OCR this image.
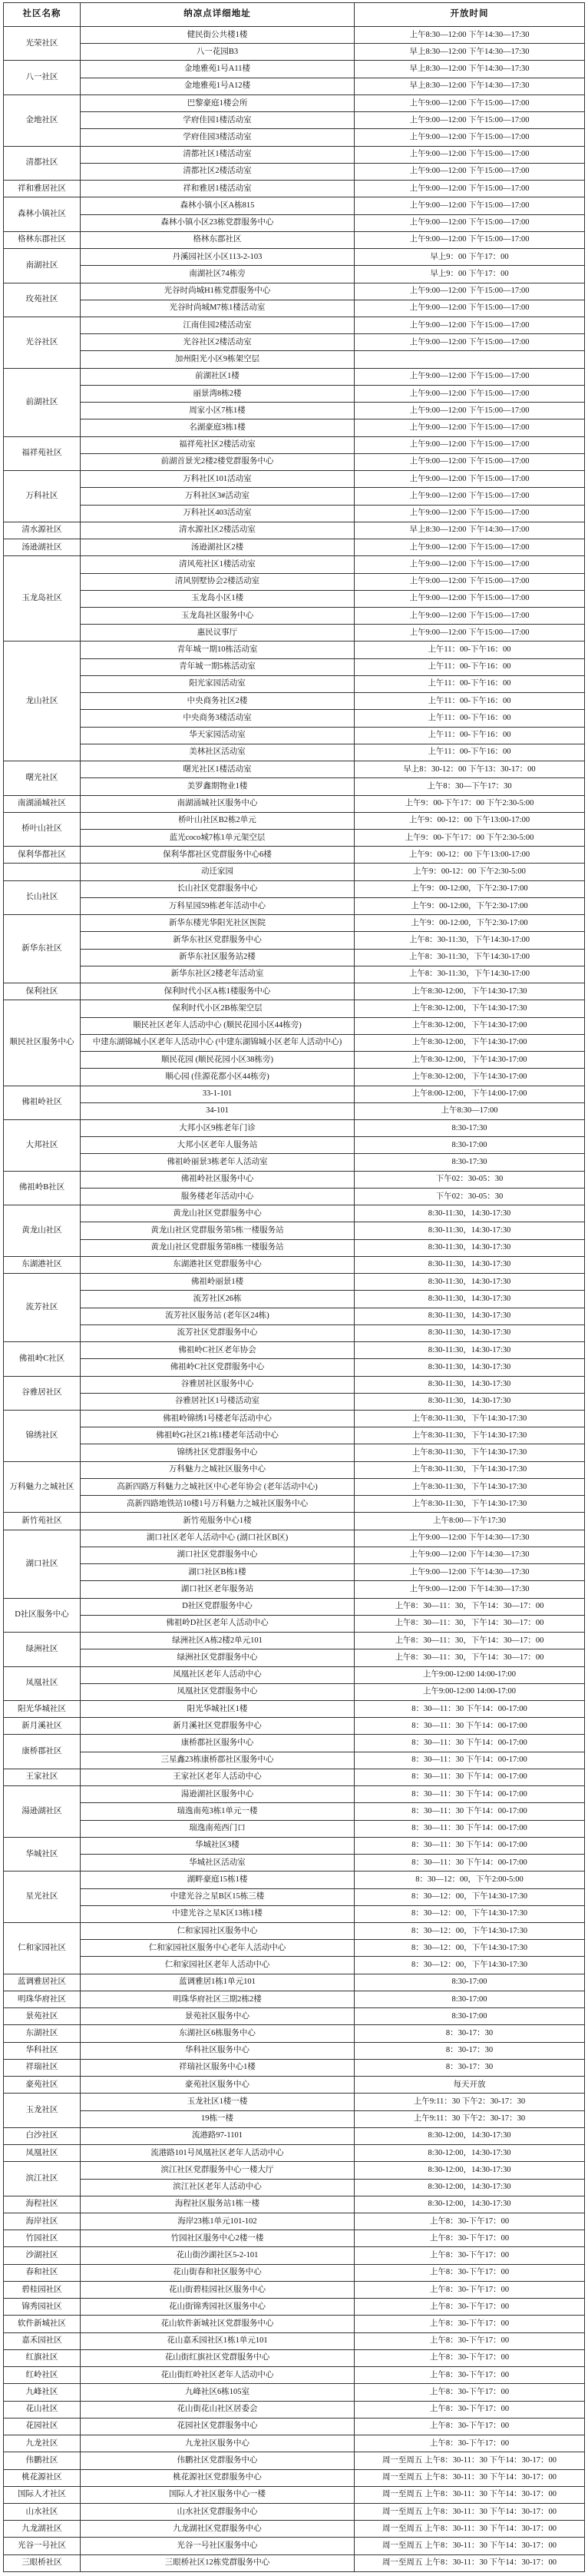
社区名称	纳凉点详细地址	开放时间
光荣社区	健民街公共楼1楼	上午8:30—12:00 下午14:30—17:30
	八一花园B3	早上8:30—12:00 下午14:30—17:30
八一社区	金地雅苑1号A11楼	早上8:30—12:00 下午14:30—17:30
	金地雅苑1号A12楼	早上8:30—12:00 下午14:30—17:30
金地社区	巴黎豪庭1楼会所	上午9:00—12:00 下午15:00—17:00
	学府佳园1楼活动室	上午9:00—12:00 下午15:00—17:00
	学府佳园3楼活动室	上午9:00—12:00 下午15:00—17:00
清都社区	清都社区1楼活动室	上午9:00—12:00 下午15:00—17:00
	清都社区2楼活动室	上午9:00—12:00 下午15:00—17:00
祥和雅居社区	祥和雅居1楼活动室	上午9:00—12:00 下午15:00—17:00
森林小镇社区	森林小镇小区A栋815	上午9:00—12:00 下午15:00—17:00
	森林小镇小区23栋党群服务中心	上午9:00—12:00 下午15:00—17:00
格林东郡社区	格林东郡社区	上午9:00—12:00 下午15:00—17:00
南湖社区	丹溪园社区小区113-2-103	早上9：00 下午17：00
	南湖社区74栋旁	早上9：00 下午17：00
玫苑社区	光谷时尚城H1栋党群服务中心	上午9:00—12:00 下午15:00—17:00
	光谷时尚城M7栋1楼活动室	上午9:00—12:00 下午15:00—17:00
光谷社区	江南佳园2楼活动室	上午9:00—12:00 下午15:00—17:00
	光谷社区2楼活动室	上午9:00—12:00 下午15:00—17:00
	加州阳光小区9栋架空层	
前湖社区	前湖社区1楼	上午9:00—12:00 下午15:00—17:00
	丽景湾8栋2楼	上午9:00—12:00 下午15:00—17:00
	周家小区7栋1楼	上午9:00—12:00 下午15:00—17:00
	名湖豪庭3栋1楼	上午9:00—12:00 下午15:00—17:00
福祥苑社区	福祥苑社区2楼活动室	上午9:00—12:00 下午15:00—17:00
	前湖首景光2楼2楼党群服务中心	上午9:00—12:00 下午15:00—17:00
万科社区	万科社区101活动室	上午9:00—12:00 下午15:00—17:00
	万科社区3#活动室	上午9:00—12:00 下午15:00—17:00
	万科社区403活动室	上午9:00—12:00 下午15:00—17:00
清水源社区	清水源社区2楼活动室	早上8:30—12:00 下午14:30—17:00
汤逊湖社区	汤逊湖社区2楼	上午9:00—12:00 下午15:00—17:00
玉龙岛社区	清风苑社区1楼活动室	上午9:00—12:00 下午15:00—17:00
	清风别墅协会2楼活动室	上午9:00—12:00 下午15:00—17:00
	玉龙岛小区1楼	上午9:00—12:00 下午15:00—17:00
	玉龙岛社区服务中心	上午9:00—12:00 下午15:00—17:00
	惠民议事厅	上午9:00—12:00 下午15:00—17:00
龙山社区	青年城一期10栋活动室	上午11：00-下午16：00
	青年城一期5栋活动室	上午11：00-下午16：00
	阳光家园活动室	上午11：00-下午16：00
	中央商务社区2楼	上午11：00-下午16：00
	中央商务3楼活动室	上午11：00-下午16：00
	华天家园活动室	上午11：00-下午16：00
	美林社区活动室	上午11：00-下午16：00
曙光社区	曙光社区1楼活动室	早上8：30-12：00 下午13：30-17：00
	美罗鑫期物业1楼	上午8：30—下午17：30
南湖涌城社区	南湖涌城社区服务中心	上午9：00-下午17：00 下午2:30-5:00
桥叶山社区	桥叶山社区B2栋2单元	上午9：00-12：00 下午13:00-17:00
	蓝光coco城7栋1单元架空层	上午9：00-下午17：00 下午2:30-5:00
保利华都社区	保利华都社区党群服务中心6楼	上午9：00-12：00 下午13:00-17:00
	动迁家园	上午9：00-12：00 下午2:30-5:00
长山社区	长山社区党群服务中心	上午9：00-12:00，下午2:30-17:00
	万科星园59栋老年活动中心	上午9：00-12:00，下午2:30-17:00
新华东社区	新华东楼光华阳光社区医院	上午9：00-12:00，下午2:30-17:00
	新华东社区党群服务中心	上午8：30-11:30，下午14:30-17:00
	新华东社区服务站2楼	上午8：30-11:30，下午14:30-17:00
	新华东社区2楼老年活动室	上午8：30-11:30，下午14:30-17:00
保利社区	保利时代小区A栋1楼服务中心	上午8:30-12:00，下午14:30-17:30
顺民社区服务中心	保利时代小区2B栋架空层	上午8:30-12:00，下午14:30-17:30
	顺民社区老年人活动中心 (顺民花园小区44栋旁)	上午8:30-12:00，下午14:30-17:00
	中建东湖锦城小区老年人活动中心 (中建东湖锦城小区老年人活动中心)	上午8:30-12:00，下午14:30-17:00
	顺民花园 (顺民花园小区38栋旁)	上午8:30-12:00，下午14:30-17:00
	顺心园 (佳源花都小区44栋旁)	上午8:30-12:00，下午14:30-17:00
佛祖岭社区	33-1-101	上午8:00-12:00，下午14:00-17:00
	34-101	上午8:30—17:00
大邦社区	大邦小区9栋老年门诊	8:30-17:30
	大邦小区老年人服务站	8:30-17:00
	佛祖岭丽景3栋老年人活动室	8:30-17:30
佛祖岭B社区	佛祖岭社区服务中心	下午02：30-05：30
	服务楼老年活动中心	下午02：30-05：30
黄龙山社区	黄龙山社区党群服务中心	8:30-11:30，14:30-17:30
	黄龙山社区党群服务第5栋一楼服务站	8:30-11:30，14:30-17:30
	黄龙山社区党群服务第8栋一楼服务站	8:30-11:30，14:30-17:30
东湖港社区	东湖港社区党群服务中心	8:30-11:30，14:30-17:30
流芳社区	佛祖岭丽景1楼	8:30-11:30，14:30-17:30
	流芳社区26栋	8:30-11:30，14:30-17:30
	流芳社区服务站 (老年区24栋)	8:30-11:30，14:30-17:30
	流芳社区党群服务中心	8:30-11:30，14:30-17:30
佛祖岭C社区	佛祖岭C社区老年协会	8:30-11:30，14:30-17:30
	佛祖岭C社区党群服务中心	8:30-11:30，14:30-17:30
谷雅居社区	谷雅居社区服务中心	8:30-11:30，14:30-17:30
	谷雅居社区1号楼活动室	8:30-11:30，14:30-17:30
锦绣社区	佛祖岭锦绣1号楼老年活动中心	上午8:30-11:30，下午14:30-17:30
	佛祖岭G社区21栋1楼老年活动中心	上午8:30-11:30，下午14:30-17:30
	锦绣社区党群服务中心	上午8:30-11:30，下午14:30-17:30
万科魅力之城社区	万科魅力之城社区服务中心	上午8:30-11:30，下午14:30-17:30
	高新四路万科魅力之城社区中心老年协会 (老年活动中心)	上午8:30-11:30，下午14:30-17:30
	高新四路地铁站10楼1号万科魅力之城社区服务中心	上午8:30-11:30，下午14:30-17:30
新竹苑社区	新竹苑服务中心1楼	上午8:00—下午17:30
湖口社区	湖口社区老年人活动中心 (湖口社区B区)	上午9:00—12:00 下午14:30—17:30
	湖口社区党群服务中心	上午9:00—12:00 下午14:30—17:30
	湖口社区B栋1楼	上午9:00—12:00 下午14:30—17:30
	湖口社区老年服务站	上午9:00—12:00 下午14:30—17:30
D社区服务中心	D社区党群服务中心	上午8：30—11：30，下午14：30—17：00
	佛祖岭D社区老年人活动中心	上午8：30—11：30，下午14：30—17：00
绿洲社区	绿洲社区A栋2楼2单元101	上午8：30—11：30，下午14：30—17：00
	绿洲社区党群服务中心	上午8：30—11：30，下午14：30—17：00
凤凰社区	凤凰社区老年人活动中心	上午9:00-12:00 14:00-17:00
	凤凰社区党群服务中心	上午9:00-12:00 14:00-17:00
阳光华城社区	阳光华城社区1楼	8：30—11：30 下午14：00-17:00
新月溪社区	新月溪社区党群服务中心	8：30—11：30 下午14：00-17:00
康桥郡社区	康桥郡社区服务中心	8：30—11：30 下午14：00-17:00
	三星鑫23栋康桥郡社区服务中心	8：30—11：30 下午14：00-17:00
王家社区	王家社区老年人活动中心	8：30—11：30 下午14：00-17:00
湯逊湖社区	湯逊湖社区服务中心	8：30—11：30 下午14：00-17:00
	瑞逸南苑3栋1单元一楼	8：30—11：30 下午14：00-17:00
	瑞逸南苑西门口	8：30—11：30 下午14：00-17:00
华城社区	华城社区3楼	8：30—11：30 下午14：00-17:00
	华城社区活动室	8：30—11：30 下午14：00-17:00
星光社区	湖畔豪庭15栋1楼	8：30—12：00，下午2:00-5:00
	中建光谷之星B区15栋三楼	8：30—12：00，下午14:30-17:30
	中建光谷之星K区13栋1楼	8：30—12：00，下午14:30-17:30
仁和家园社区	仁和家园社区服务中心	8：30—12：00，下午14:30-17:30
	仁和家园社区服务中心老年人活动中心	8：30—12：00，下午14:30-17:30
	仁和家园社区老年人活动中心	8：30—12：00，下午14:30-17:30
蓝调雅居社区	蓝调雅居1栋1单元101	8:30-17:00
明珠华府社区	明珠华府社区三期2栋2楼	8:30-17:00
景苑社区	景苑社区服务中心	8:30-17:00
东湖社区	东湖社区6栋服务中心	8：30-17：30
华科社区	华科社区服务中心	8：30-17：30
祥瑞社区	祥瑞社区服务中心1楼	8：30-17：30
豪苑社区	豪苑社区服务中心	每天开放
玉龙社区	玉龙社区1楼一楼	上午9:11：30 下午2：30-17：30
	19栋一楼	上午9:11：30 下午2：30-17：30
白沙社区	流港路97-1101	8:30-12:00，14:30-17:30
凤凰社区	流港路101号凤凰社区老年人活动中心	8:30-12:00，14:30-17:30
滨江社区	滨江社区党群服务中心一楼大厅	8:30-12:00，14:30-17:30
	滨江社区老年人活动中心	8:30-12:00，14:30-17:30
海程社区	海程社区服务站1栋一楼	8:30-12:00，14:30-17:30
海岸社区	海岸23栋1单元101-102	上午8：30-下午17：00
竹园社区	竹园社区服务中心2楼一楼	上午8：30-下午17：00
沙湖社区	花山街沙湖社区5-2-101	上午8：30-下午17：00
春和社区	花山街春和社区服务中心	上午8：30-下午17：00
碧桂园社区	花山街碧桂园社区服务中心	上午8：30-下午17：00
锦秀园社区	花山街锦秀园社区服务中心	上午8：30-下午17：00
软件新城社区	花山软件新城社区党群服务中心	上午8：30-下午17：00
嘉禾园社区	花山嘉禾园社区1栋1单元101	上午8：30-下午17：00
红旗社区	花山街红旗社区党群服务中心	上午8：30-下午17：00
红岭社区	花山街红岭社区老年人活动中心	上午8：30-下午17：00
九峰社区	九峰社区6栋105室	上午8：30-下午17：00
花山社区	花山街花山社区居委会	上午8：30-下午17：00
花园社区	花园社区党群服务中心	上午8：30-下午17：00
九龙社区	九龙社区服务中心	上午8：30-下午17：00
伟鹏社区	伟鹏社区党群服务中心	周一至周五 上午8：30-11：30 下午14：30-17：00
桃花源社区	桃花源社区党群服务中心	周一至周五 上午8：30-11：30 下午14：30-17：00
国际人才社区	国际人才社区服务中心一楼	周一至周五 上午8：30-11：30 下午14：30-17：00
山水社区	山水社区党群服务中心	周一至周五 上午8：30-11：30 下午14：30-17：00
九龙湖社区	九龙湖社区党群服务中心	周一至周五 上午8：30-11：30 下午14：30-17：00
光谷一号社区	光谷一号社区服务中心	周一至周五 上午8：30-11：30 下午14：30-17：00
三眼桥社区	三眼桥社区12栋党群服务中心	周一至周五 上午8：30-11：30 下午14：30-17：00
